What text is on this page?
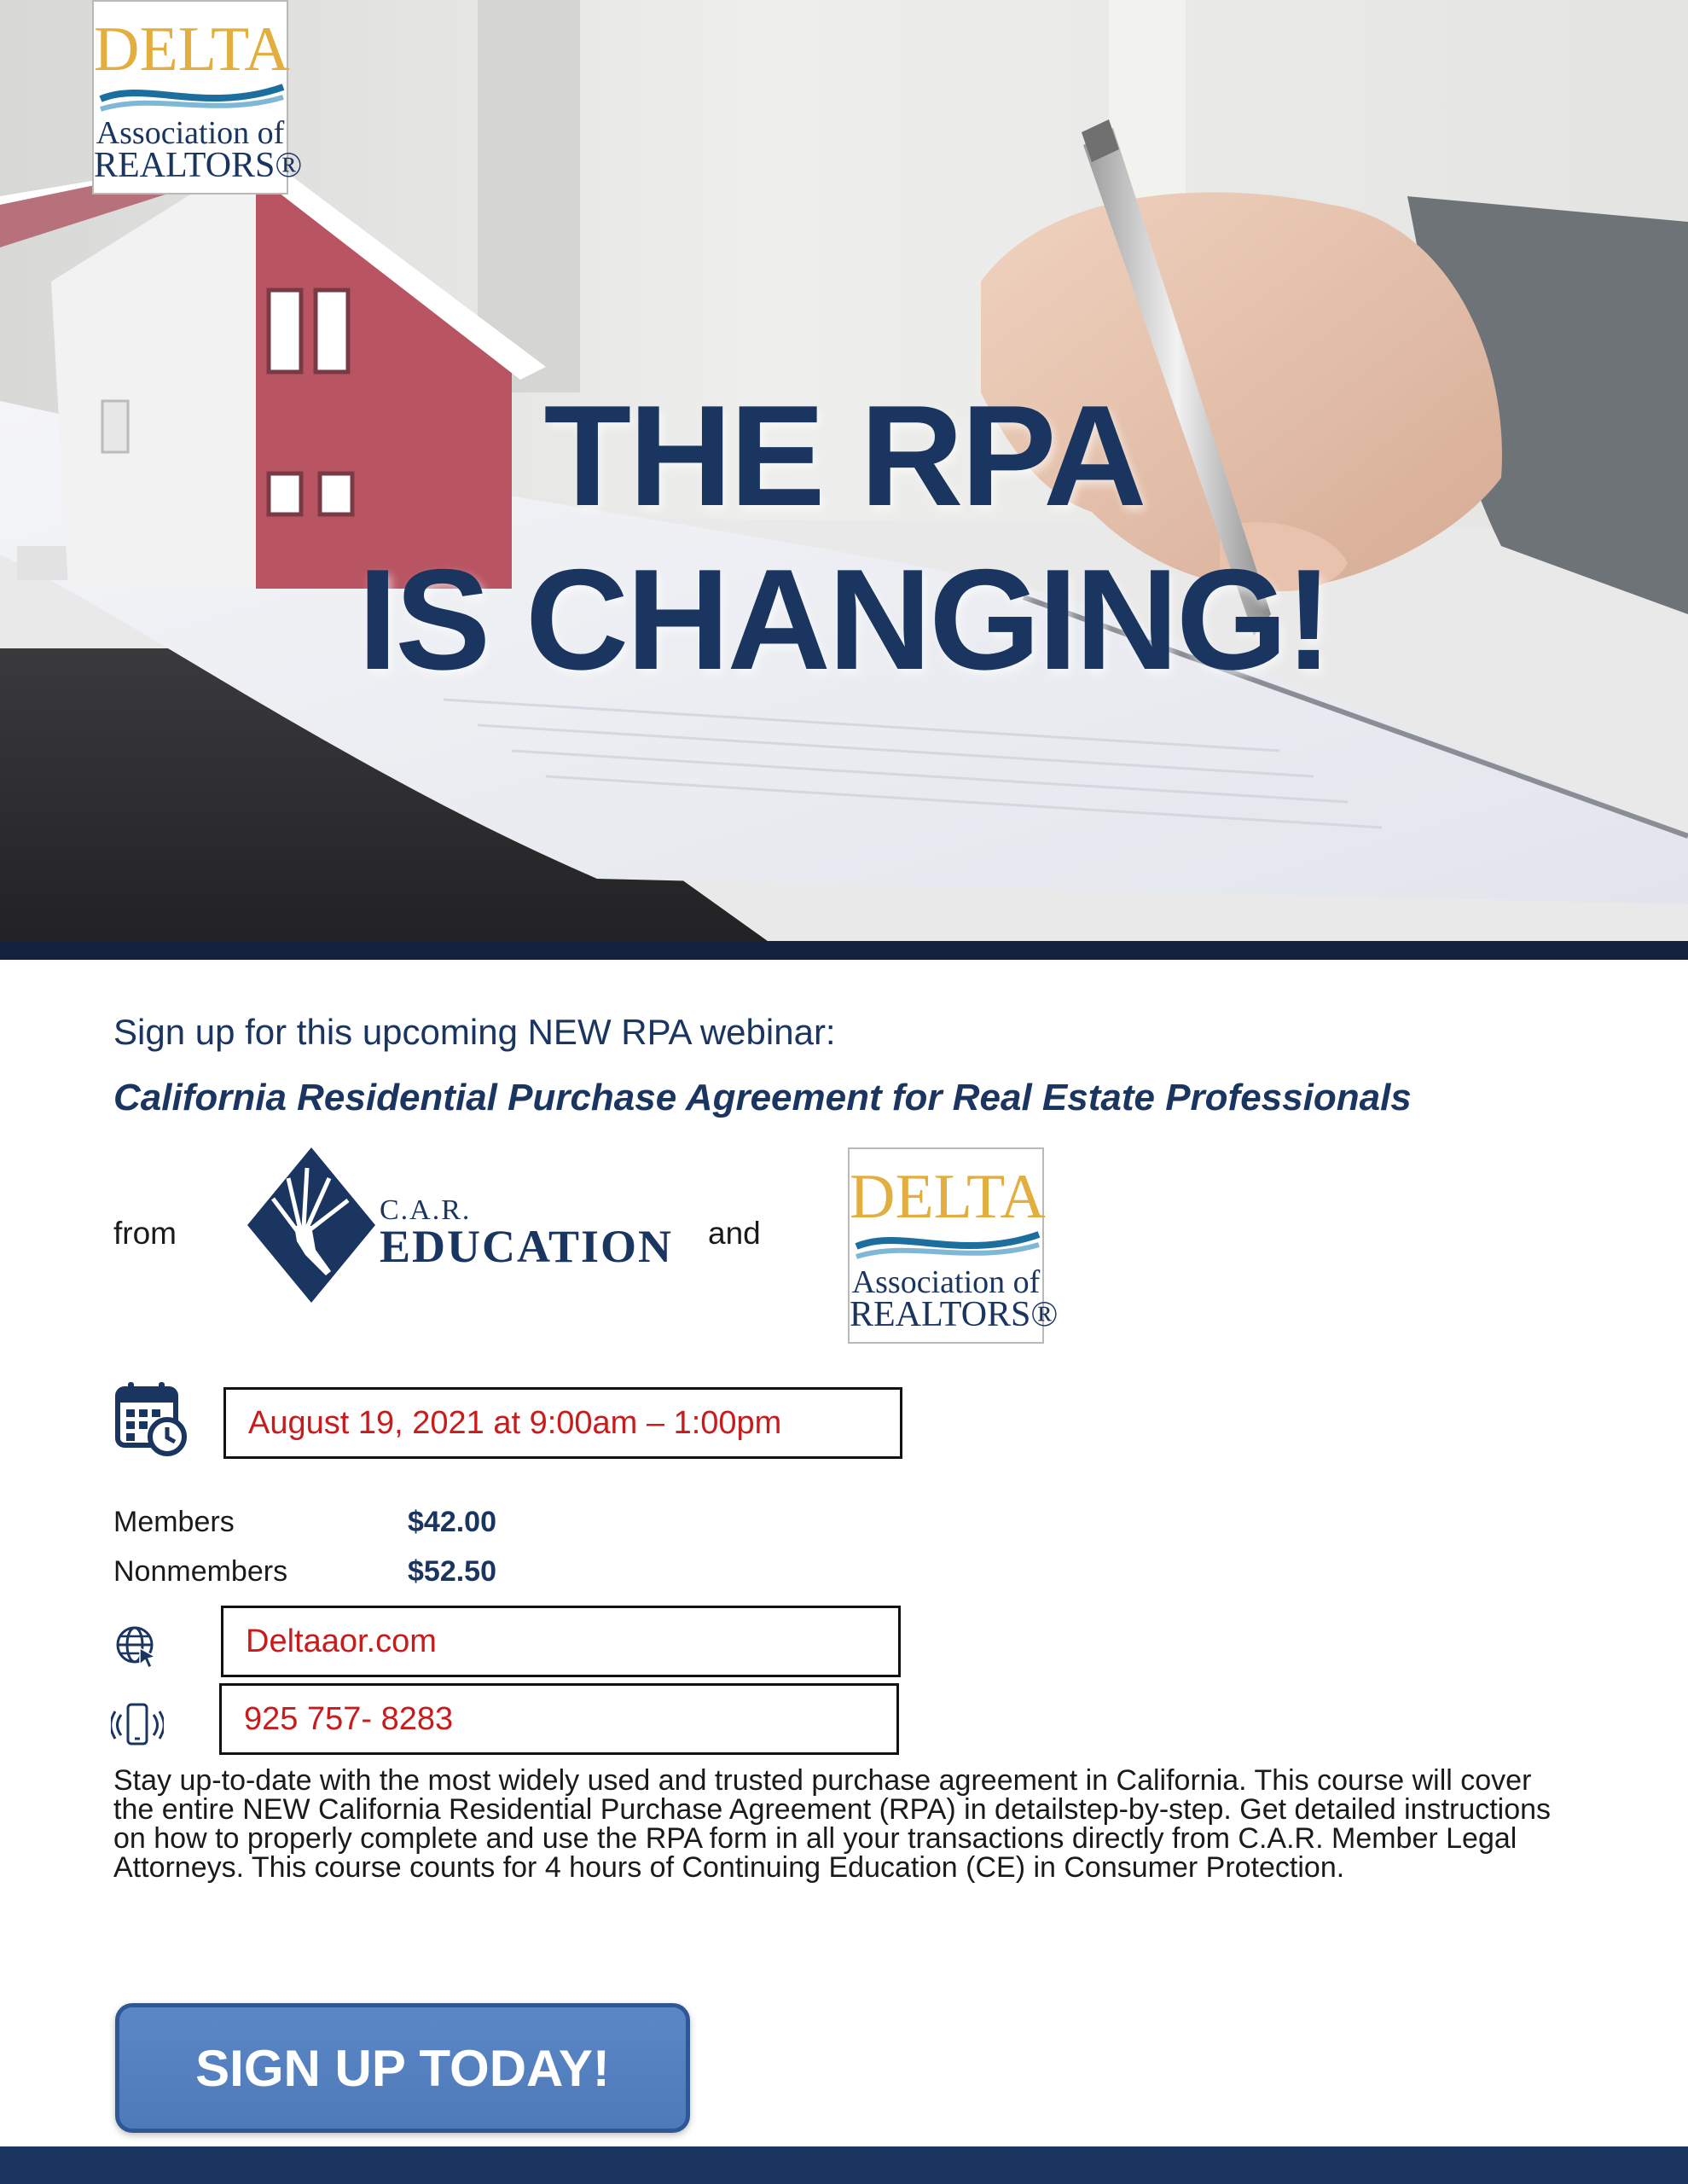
THE RPA
IS CHANGING!
DELTA
Association of
REALTORS®
Sign up for this upcoming NEW RPA webinar:
California Residential Purchase Agreement for Real Estate Professionals
from
C.A.R.
EDUCATION and
DELTA
Association of
REALTORS®
August 19, 2021 at 9:00am – 1:00pm
Members	$42.00
Nonmembers	$52.50
Deltaaor.com
925 757- 8283
Stay up-to-date with the most widely used and trusted purchase agreement in California. This course will cover the entire NEW California Residential Purchase Agreement (RPA) in detailstep-by-step. Get detailed instructions on how to properly complete and use the RPA form in all your transactions directly from C.A.R. Member Legal Attorneys. This course counts for 4 hours of Continuing Education (CE) in Consumer Protection.
SIGN UP TODAY!
